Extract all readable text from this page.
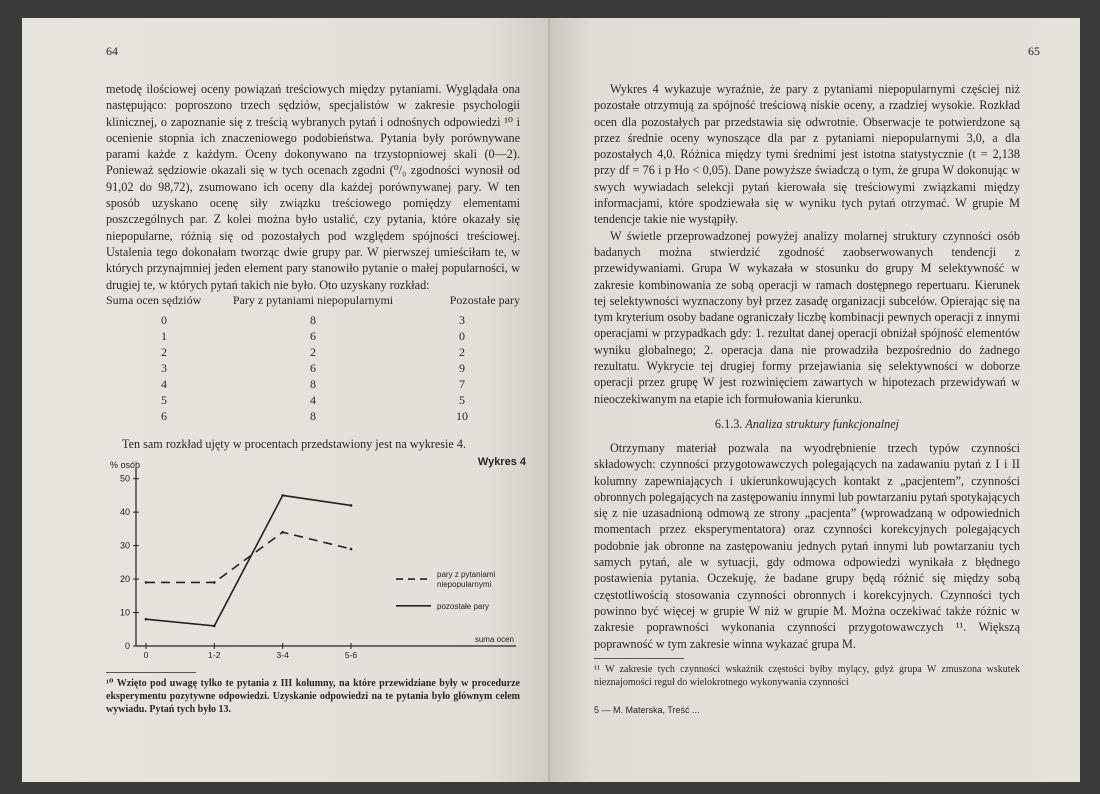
64

metodę ilościowej oceny powiązań treściowych między pytaniami. Wyglądała ona następująco: poproszono trzech sędziów, specjalistów w zakresie psychologii klinicznej, o zapoznanie się z treścią wybranych pytań i odnośnych odpowiedzi ¹⁰ i ocenienie stopnia ich znaczeniowego podobieństwa. Pytania były porównywane parami każde z każdym. Oceny dokonywano na trzystopniowej skali (0—2). Ponieważ sędziowie okazali się w tych ocenach zgodni (⁰/₀ zgodności wynosił od 91,02 do 98,72), zsumowano ich oceny dla każdej porównywanej pary. W ten sposób uzyskano ocenę siły związku treściowego pomiędzy elementami poszczególnych par. Z kolei można było ustalić, czy pytania, które okazały się niepopularne, różnią się od pozostałych pod względem spójności treściowej. Ustalenia tego dokonałam tworząc dwie grupy par. W pierwszej umieściłam te, w których przynajmniej jeden element pary stanowiło pytanie o małej popularności, w drugiej te, w których pytań takich nie było. Oto uzyskany rozkład:

Suma ocen sędziów	Pary z pytaniami niepopularnymi	Pozostałe pary
0	8	3
1	6	0
2	2	2
3	6	9
4	8	7
5	4	5
6	8	10

Ten sam rozkład ujęty w procentach przedstawiony jest na wykresie 4.

Wykres 4
% osób
0
10
20
30
40
50
0	1-2	3-4	5-6
suma ocen
pary z pytaniami
niepopularnymi
pozostałe pary

¹⁰ Wzięto pod uwagę tylko te pytania z III kolumny, na które przewidziane były w procedurze eksperymentu pozytywne odpowiedzi. Uzyskanie odpowiedzi na te pytania było głównym celem wywiadu. Pytań tych było 13.

65

Wykres 4 wykazuje wyraźnie, że pary z pytaniami niepopularnymi częściej niż pozostałe otrzymują za spójność treściową niskie oceny, a rzadziej wysokie. Rozkład ocen dla pozostałych par przedstawia się odwrotnie. Obserwacje te potwierdzone są przez średnie oceny wynoszące dla par z pytaniami niepopularnymi 3,0, a dla pozostałych 4,0. Różnica między tymi średnimi jest istotna statystycznie (t = 2,138 przy df = 76 i p Ho < 0,05). Dane powyższe świadczą o tym, że grupa W dokonując w swych wywiadach selekcji pytań kierowała się treściowymi związkami między informacjami, które spodziewała się w wyniku tych pytań otrzymać. W grupie M tendencje takie nie wystąpiły.

W świetle przeprowadzonej powyżej analizy molarnej struktury czynności osób badanych można stwierdzić zgodność zaobserwowanych tendencji z przewidywaniami. Grupa W wykazała w stosunku do grupy M selektywność w zakresie kombinowania ze sobą operacji w ramach dostępnego repertuaru. Kierunek tej selektywności wyznaczony był przez zasadę organizacji subcelów. Opierając się na tym kryterium osoby badane ograniczały liczbę kombinacji pewnych operacji z innymi operacjami w przypadkach gdy: 1. rezultat danej operacji obniżał spójność elementów wyniku globalnego; 2. operacja dana nie prowadziła bezpośrednio do żadnego rezultatu. Wykrycie tej drugiej formy przejawiania się selektywności w doborze operacji przez grupę W jest rozwinięciem zawartych w hipotezach przewidywań w nieoczekiwanym na etapie ich formułowania kierunku.

6.1.3. Analiza struktury funkcjonalnej

Otrzymany materiał pozwala na wyodrębnienie trzech typów czynności składowych: czynności przygotowawczych polegających na zadawaniu pytań z I i II kolumny zapewniających i ukierunkowujących kontakt z „pacjentem”, czynności obronnych polegających na zastępowaniu innymi lub powtarzaniu pytań spotykających się z nie uzasadnioną odmową ze strony „pacjenta” (wprowadzaną w odpowiednich momentach przez eksperymentatora) oraz czynności korekcyjnych polegających podobnie jak obronne na zastępowaniu jednych pytań innymi lub powtarzaniu tych samych pytań, ale w sytuacji, gdy odmowa odpowiedzi wynikała z błędnego postawienia pytania. Oczekuję, że badane grupy będą różnić się między sobą częstotliwością stosowania czynności obronnych i korekcyjnych. Czynności tych powinno być więcej w grupie W niż w grupie M. Można oczekiwać także różnic w zakresie poprawności wykonania czynności przygotowawczych ¹¹. Większą poprawność w tym zakresie winna wykazać grupa M.

¹¹ W zakresie tych czynności wskaźnik częstości byłby mylący, gdyż grupa W zmuszona wskutek nieznajomości reguł do wielokrotnego wykonywania czynności

5 — M. Materska, Treść ...
